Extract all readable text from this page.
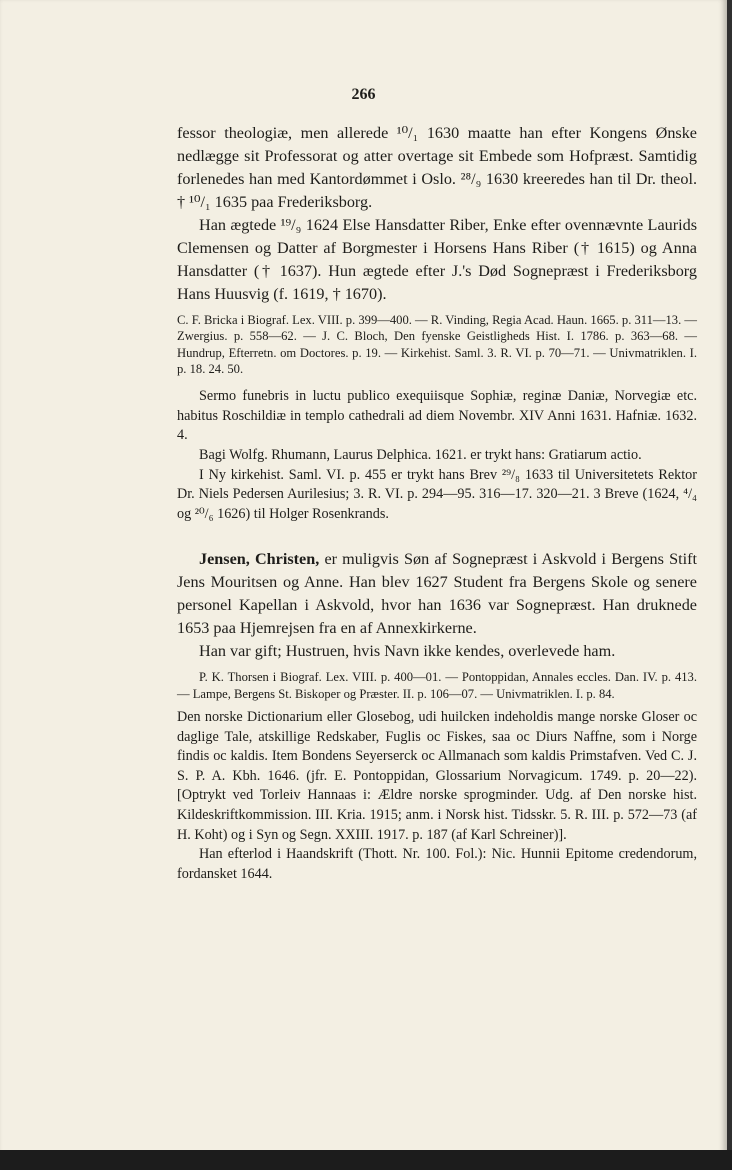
266

fessor theologiæ, men allerede ¹⁰/₁ 1630 maatte han efter Kongens Ønske nedlægge sit Professorat og atter overtage sit Embede som Hofpræst. Samtidig forlenedes han med Kantordømmet i Oslo. ²⁸/₉ 1630 kreeredes han til Dr. theol. † ¹⁰/₁ 1635 paa Frederiksborg.

Han ægtede ¹⁹/₉ 1624 Else Hansdatter Riber, Enke efter ovennævnte Laurids Clemensen og Datter af Borgmester i Horsens Hans Riber († 1615) og Anna Hansdatter († 1637). Hun ægtede efter J.'s Død Sognepræst i Frederiksborg Hans Huusvig (f. 1619, † 1670).

C. F. Bricka i Biograf. Lex. VIII. p. 399—400. — R. Vinding, Regia Acad. Haun. 1665. p. 311—13. — Zwergius. p. 558—62. — J. C. Bloch, Den fyenske Geistligheds Hist. I. 1786. p. 363—68. — Hundrup, Efterretn. om Doctores. p. 19. — Kirkehist. Saml. 3. R. VI. p. 70—71. — Univmatriklen. I. p. 18. 24. 50.

Sermo funebris in luctu publico exequiisque Sophiæ, reginæ Daniæ, Norvegiæ etc. habitus Roschildiæ in templo cathedrali ad diem Novembr. XIV Anni 1631. Hafniæ. 1632. 4.

Bagi Wolfg. Rhumann, Laurus Delphica. 1621. er trykt hans: Gratiarum actio.

I Ny kirkehist. Saml. VI. p. 455 er trykt hans Brev ²⁹/₈ 1633 til Universitetets Rektor Dr. Niels Pedersen Aurilesius; 3. R. VI. p. 294—95. 316—17. 320—21. 3 Breve (1624, ⁴/₄ og ²⁰/₆ 1626) til Holger Rosenkrands.

Jensen, Christen, er muligvis Søn af Sognepræst i Askvold i Bergens Stift Jens Mouritsen og Anne. Han blev 1627 Student fra Bergens Skole og senere personel Kapellan i Askvold, hvor han 1636 var Sognepræst. Han druknede 1653 paa Hjemrejsen fra en af Annexkirkerne.

Han var gift; Hustruen, hvis Navn ikke kendes, overlevede ham.

P. K. Thorsen i Biograf. Lex. VIII. p. 400—01. — Pontoppidan, Annales eccles. Dan. IV. p. 413. — Lampe, Bergens St. Biskoper og Præster. II. p. 106—07. — Univmatriklen. I. p. 84.

Den norske Dictionarium eller Glosebog, udi huilcken indeholdis mange norske Gloser oc daglige Tale, atskillige Redskaber, Fuglis oc Fiskes, saa oc Diurs Naffne, som i Norge findis oc kaldis. Item Bondens Seyerserck oc Allmanach som kaldis Primstafven. Ved C. J. S. P. A. Kbh. 1646. (jfr. E. Pontoppidan, Glossarium Norvagicum. 1749. p. 20—22). [Optrykt ved Torleiv Hannaas i: Ældre norske sprogminder. Udg. af Den norske hist. Kildeskriftkommission. III. Kria. 1915; anm. i Norsk hist. Tidsskr. 5. R. III. p. 572—73 (af H. Koht) og i Syn og Segn. XXIII. 1917. p. 187 (af Karl Schreiner)].

Han efterlod i Haandskrift (Thott. Nr. 100. Fol.): Nic. Hunnii Epitome credendorum, fordansket 1644.
